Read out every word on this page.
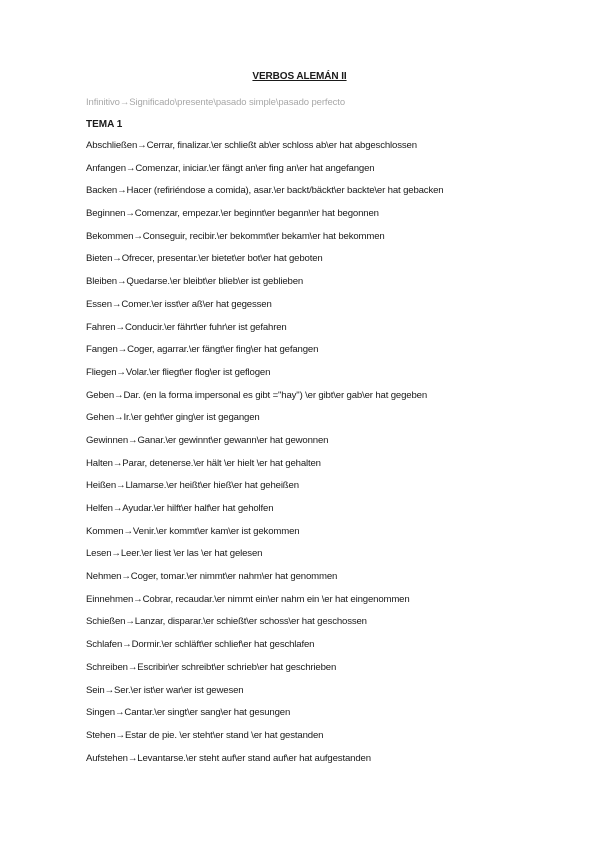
VERBOS ALEMÁN II
Infinitivo→Significado\presente\pasado simple\pasado perfecto
TEMA 1
Abschließen→Cerrar, finalizar.\er schließt ab\er schloss ab\er hat abgeschlossen
Anfangen→Comenzar, iniciar.\er fängt an\er fing an\er hat angefangen
Backen→Hacer (refiriéndose a comida), asar.\er backt/bäckt\er backte\er hat gebacken
Beginnen→Comenzar, empezar.\er beginnt\er begann\er hat begonnen
Bekommen→Conseguir, recibir.\er bekommt\er bekam\er hat bekommen
Bieten→Ofrecer, presentar.\er bietet\er bot\er hat geboten
Bleiben→Quedarse.\er bleibt\er blieb\er ist geblieben
Essen→Comer.\er isst\er aß\er hat gegessen
Fahren→Conducir.\er fährt\er fuhr\er ist gefahren
Fangen→Coger, agarrar.\er fängt\er fing\er hat gefangen
Fliegen→Volar.\er fliegt\er flog\er ist geflogen
Geben→Dar. (en la forma impersonal es gibt ="hay") \er gibt\er gab\er hat gegeben
Gehen→Ir.\er geht\er ging\er ist gegangen
Gewinnen→Ganar.\er gewinnt\er gewann\er hat gewonnen
Halten→Parar, detenerse.\er hält \er hielt \er hat gehalten
Heißen→Llamarse.\er heißt\er hieß\er hat geheißen
Helfen→Ayudar.\er hilft\er half\er hat geholfen
Kommen→Venir.\er kommt\er kam\er ist gekommen
Lesen→Leer.\er liest \er las \er hat gelesen
Nehmen→Coger, tomar.\er nimmt\er nahm\er hat genommen
Einnehmen→Cobrar, recaudar.\er nimmt ein\er nahm ein \er hat eingenommen
Schießen→Lanzar, disparar.\er schießt\er schoss\er hat geschossen
Schlafen→Dormir.\er schläft\er schlief\er hat geschlafen
Schreiben→Escribir\er schreibt\er schrieb\er hat geschrieben
Sein→Ser.\er ist\er war\er ist gewesen
Singen→Cantar.\er singt\er sang\er hat gesungen
Stehen→Estar de pie. \er steht\er stand \er hat gestanden
Aufstehen→Levantarse.\er steht auf\er stand auf\er hat aufgestanden
